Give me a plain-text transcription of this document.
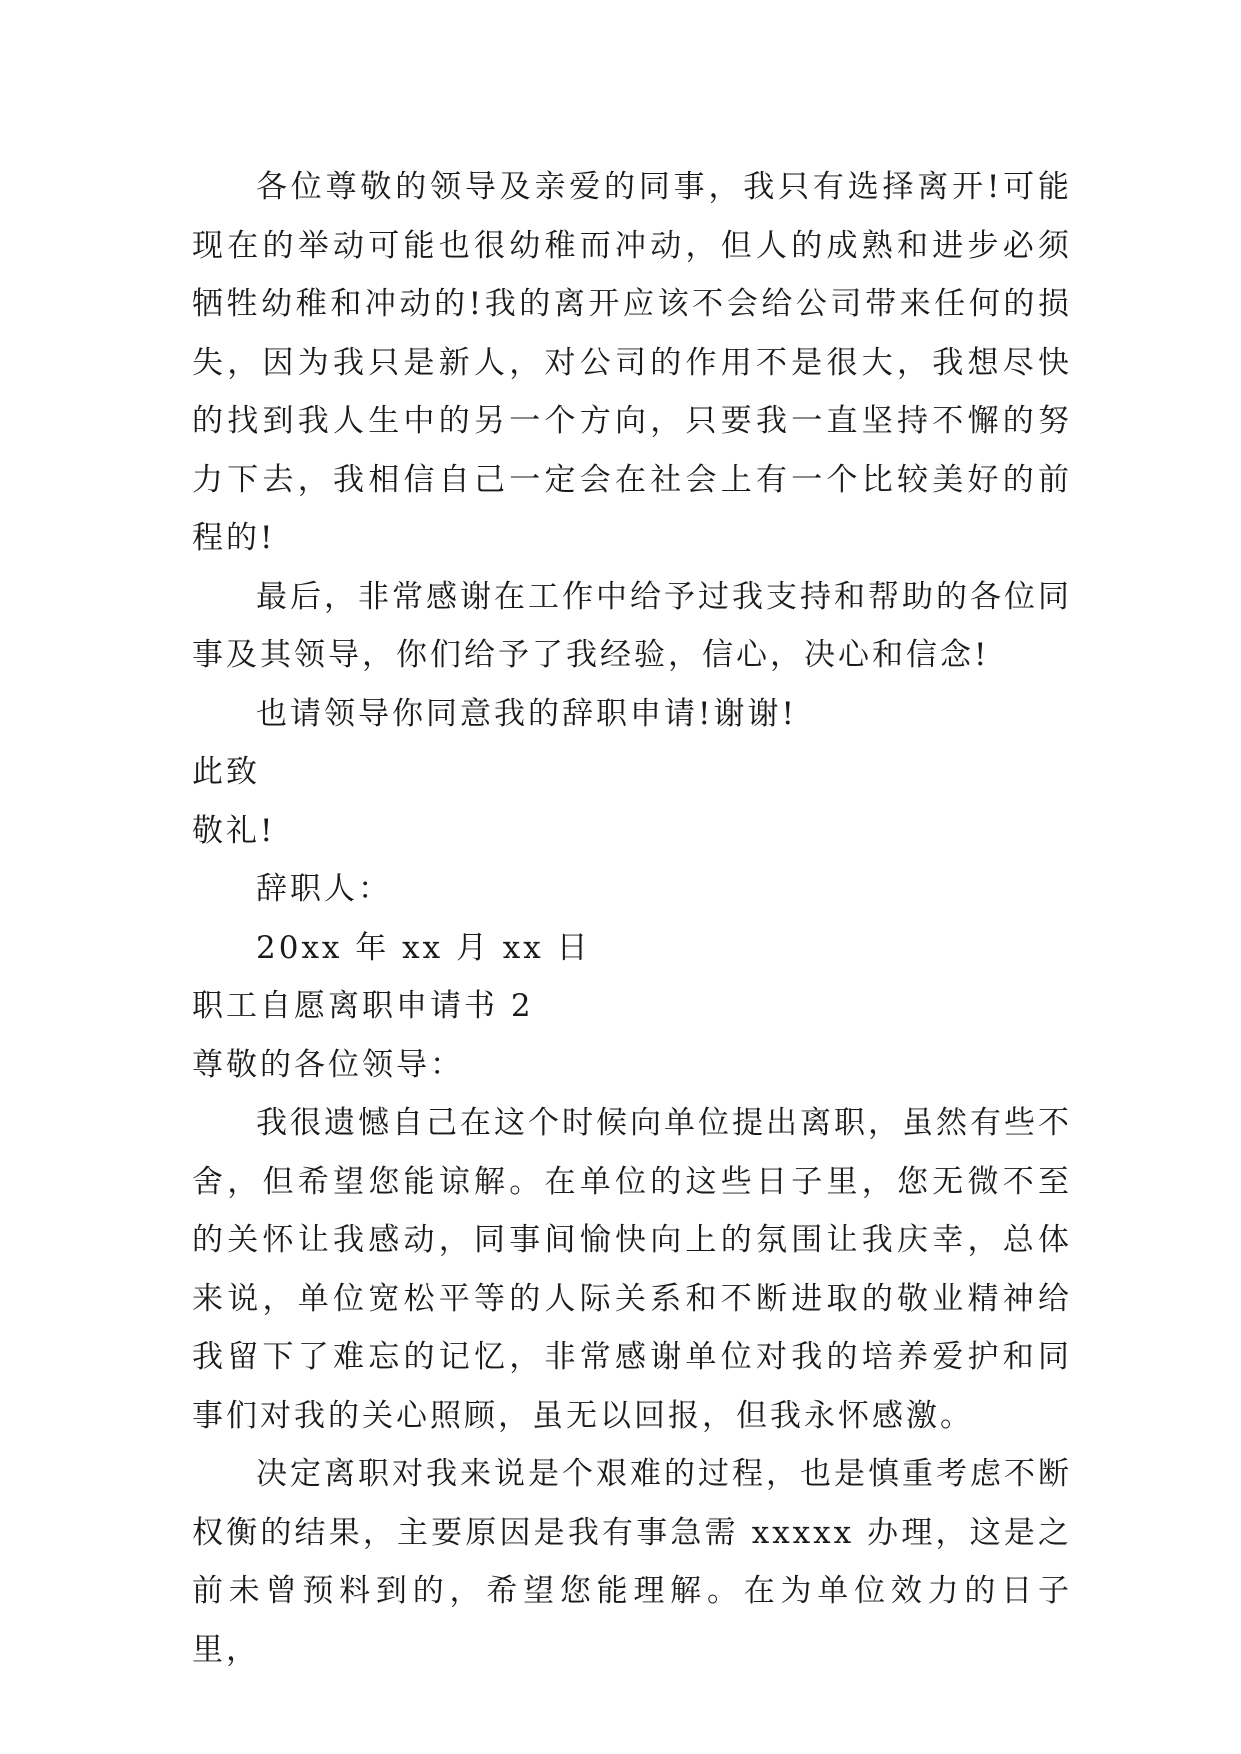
各位尊敬的领导及亲爱的同事，我只有选择离开!可能现在的举动可能也很幼稚而冲动，但人的成熟和进步必须牺牲幼稚和冲动的!我的离开应该不会给公司带来任何的损失，因为我只是新人，对公司的作用不是很大，我想尽快的找到我人生中的另一个方向，只要我一直坚持不懈的努力下去，我相信自己一定会在社会上有一个比较美好的前程的!

最后，非常感谢在工作中给予过我支持和帮助的各位同事及其领导，你们给予了我经验，信心，决心和信念!

也请领导你同意我的辞职申请!谢谢!

此致

敬礼!

辞职人：

20xx 年 xx 月 xx 日

职工自愿离职申请书 2

尊敬的各位领导：

我很遗憾自己在这个时候向单位提出离职，虽然有些不舍，但希望您能谅解。在单位的这些日子里，您无微不至的关怀让我感动，同事间愉快向上的氛围让我庆幸，总体来说，单位宽松平等的人际关系和不断进取的敬业精神给我留下了难忘的记忆，非常感谢单位对我的培养爱护和同事们对我的关心照顾，虽无以回报，但我永怀感激。

决定离职对我来说是个艰难的过程，也是慎重考虑不断权衡的结果，主要原因是我有事急需 xxxxx 办理，这是之前未曾预料到的，希望您能理解。在为单位效力的日子里，
